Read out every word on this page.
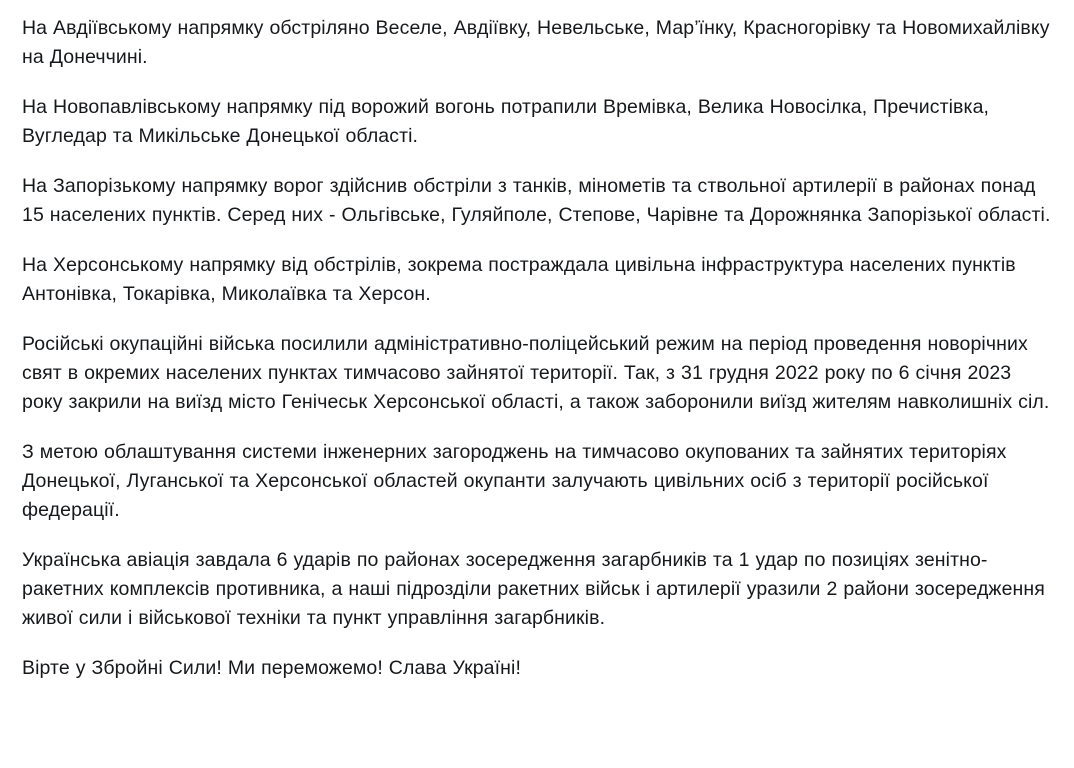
На Авдіївському напрямку обстріляно Веселе, Авдіївку, Невельське, Мар’їнку, Красногорівку та Новомихайлівку на Донеччині.

На Новопавлівському напрямку під ворожий вогонь потрапили Времівка, Велика Новосілка, Пречистівка, Вугледар та Микільське Донецької області.

На Запорізькому напрямку ворог здійснив обстріли з танків, мінометів та ствольної артилерії в районах понад 15 населених пунктів. Серед них - Ольгівське, Гуляйполе, Степове, Чарівне та Дорожнянка Запорізької області.

На Херсонському напрямку від обстрілів, зокрема постраждала цивільна інфраструктура населених пунктів Антонівка, Токарівка, Миколаївка та Херсон.

Російські окупаційні війська посилили адміністративно-поліцейський режим на період проведення новорічних свят в окремих населених пунктах тимчасово зайнятої території. Так, з 31 грудня 2022 року по 6 січня 2023 року закрили на виїзд місто Генічеськ Херсонської області, а також заборонили виїзд жителям навколишніх сіл.

З метою облаштування системи інженерних загороджень на тимчасово окупованих та зайнятих територіях Донецької, Луганської та Херсонської областей окупанти залучають цивільних осіб з території російської федерації.

Українська авіація завдала 6 ударів по районах зосередження загарбників та 1 удар по позиціях зенітно-ракетних комплексів противника, а наші підрозділи ракетних військ і артилерії уразили 2 райони зосередження живої сили і військової техніки та пункт управління загарбників.

Вірте у Збройні Сили! Ми переможемо! Слава Україні!
